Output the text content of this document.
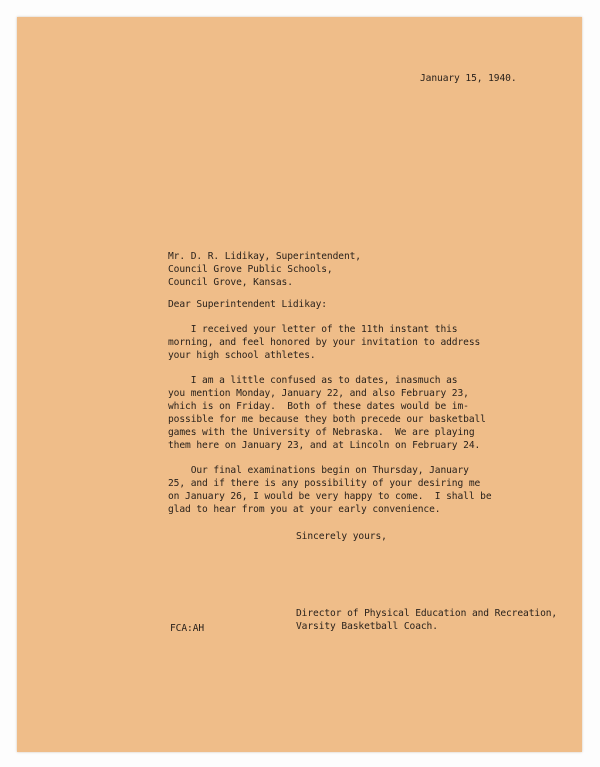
January 15, 1940.
Mr. D. R. Lidikay, Superintendent,
Council Grove Public Schools,
Council Grove, Kansas.
Dear Superintendent Lidikay:
I received your letter of the 11th instant this
morning, and feel honored by your invitation to address
your high school athletes.
I am a little confused as to dates, inasmuch as
you mention Monday, January 22, and also February 23,
which is on Friday.  Both of these dates would be im-
possible for me because they both precede our basketball
games with the University of Nebraska.  We are playing
them here on January 23, and at Lincoln on February 24.
Our final examinations begin on Thursday, January
25, and if there is any possibility of your desiring me
on January 26, I would be very happy to come.  I shall be
glad to hear from you at your early convenience.
Sincerely yours,
Director of Physical Education and Recreation,
Varsity Basketball Coach.
FCA:AH
